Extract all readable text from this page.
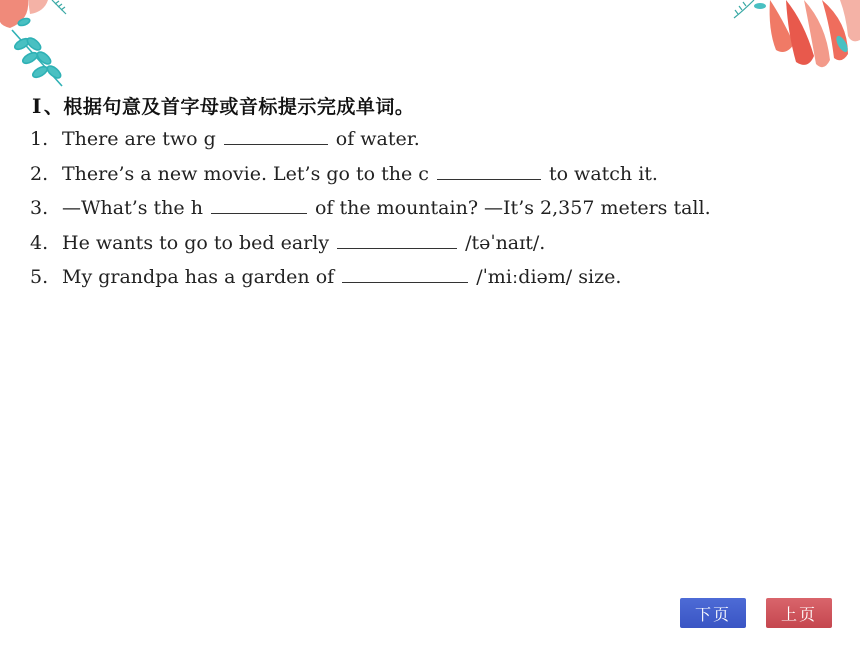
Ⅰ 、根据句意及首字母或音标提示完成单词。
1. There are two g	of water.
2. There’s a new movie. Let’s go to the c	to watch it.
3. —What’s the h	of the mountain? —It’s 2,357 meters tall.
4. He wants to go to bed early	/təˈnaɪt/.
5. My grandpa has a garden of	/ˈmiːdiəm/ size.
下页	上页
